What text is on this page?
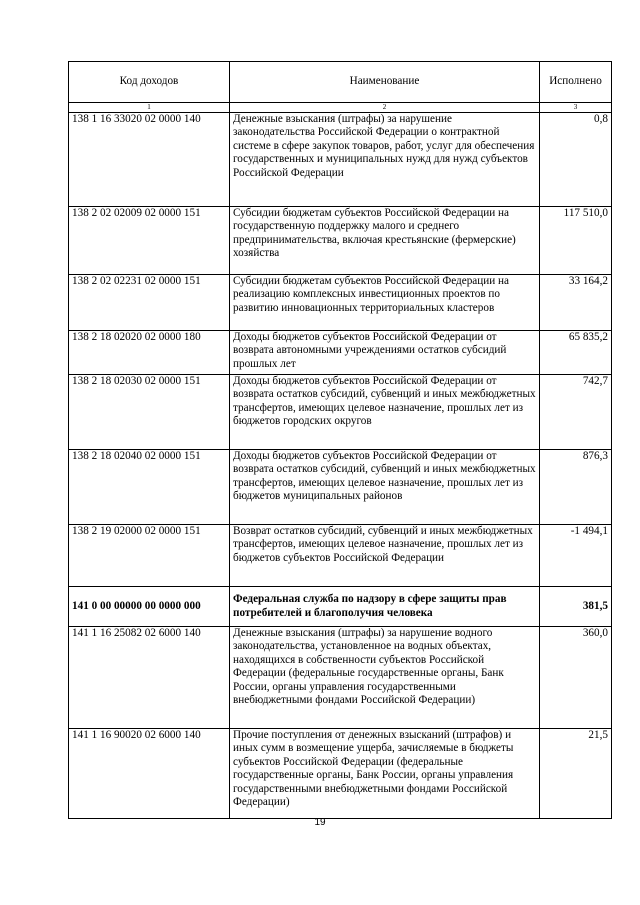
Код доходов	Наименование	Исполнено
1	2	3
138 1 16 33020 02 0000 140	Денежные взыскания (штрафы) за нарушение законодательства Российской Федерации о контрактной системе в сфере закупок товаров, работ, услуг для обеспечения государственных и муниципальных нужд для нужд субъектов Российской Федерации	0,8
138 2 02 02009 02 0000 151	Субсидии бюджетам субъектов Российской Федерации на государственную поддержку малого и среднего предпринимательства, включая крестьянские (фермерские) хозяйства	117 510,0
138 2 02 02231 02 0000 151	Субсидии бюджетам субъектов Российской Федерации на реализацию комплексных инвестиционных проектов по развитию инновационных территориальных кластеров	33 164,2
138 2 18 02020 02 0000 180	Доходы бюджетов субъектов Российской Федерации от возврата автономными учреждениями остатков субсидий прошлых лет	65 835,2
138 2 18 02030 02 0000 151	Доходы бюджетов субъектов Российской Федерации от возврата остатков субсидий, субвенций и иных межбюджетных трансфертов, имеющих целевое назначение, прошлых лет из бюджетов городских округов	742,7
138 2 18 02040 02 0000 151	Доходы бюджетов субъектов Российской Федерации от возврата остатков субсидий, субвенций и иных межбюджетных трансфертов, имеющих целевое назначение, прошлых лет из бюджетов муниципальных районов	876,3
138 2 19 02000 02 0000 151	Возврат остатков субсидий, субвенций и иных межбюджетных трансфертов, имеющих целевое назначение, прошлых лет из бюджетов субъектов Российской Федерации	-1 494,1
141 0 00 00000 00 0000 000	Федеральная служба по надзору в сфере защиты прав потребителей и благополучия человека	381,5
141 1 16 25082 02 6000 140	Денежные взыскания (штрафы) за нарушение водного законодательства, установленное на водных объектах, находящихся в собственности субъектов Российской Федерации (федеральные государственные органы, Банк России, органы управления государственными внебюджетными фондами Российской Федерации)	360,0
141 1 16 90020 02 6000 140	Прочие поступления от денежных взысканий (штрафов) и иных сумм в возмещение ущерба, зачисляемые в бюджеты субъектов Российской Федерации (федеральные государственные органы, Банк России, органы управления государственными внебюджетными фондами Российской Федерации)	21,5
19
